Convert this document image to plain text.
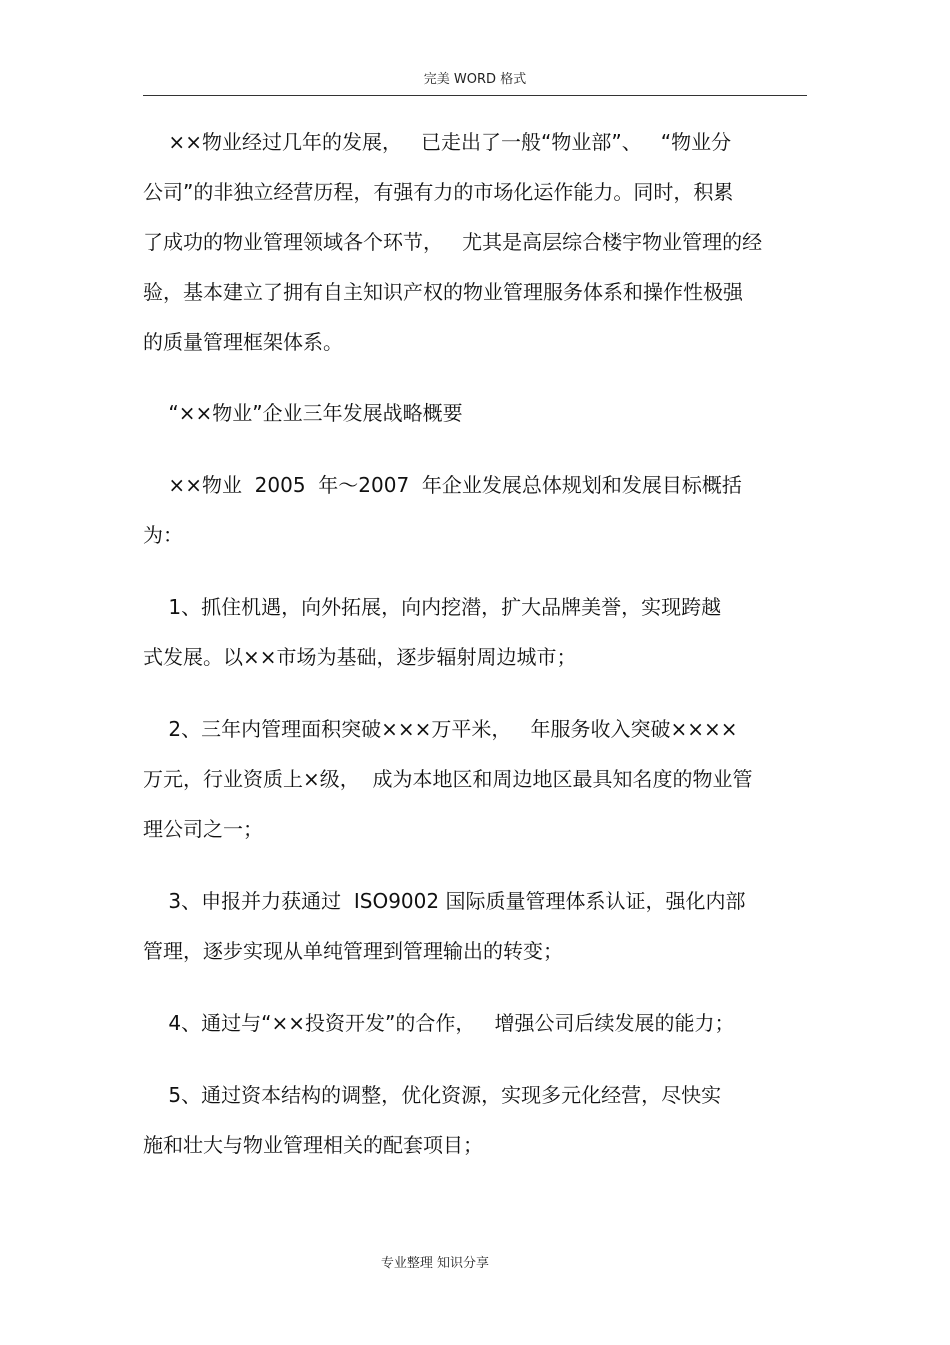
完美 WORD 格式
××物业经过几年的发展，   已走出了一般“物业部”、   “物业分
公司”的非独立经营历程，有强有力的市场化运作能力。同时，积累
了成功的物业管理领域各个环节，   尤其是高层综合楼宇物业管理的经
验，基本建立了拥有自主知识产权的物业管理服务体系和操作性极强
的质量管理框架体系。
“××物业”企业三年发展战略概要
××物业  2005  年～2007  年企业发展总体规划和发展目标概括
为：
1、抓住机遇，向外拓展，向内挖潜，扩大品牌美誉，实现跨越
式发展。以××市场为基础，逐步辐射周边城市；
2、三年内管理面积突破×××万平米，   年服务收入突破××××
万元，行业资质上×级，  成为本地区和周边地区最具知名度的物业管
理公司之一；
3、申报并力获通过  ISO9002 国际质量管理体系认证，强化内部
管理，逐步实现从单纯管理到管理输出的转变；
4、通过与“××投资开发”的合作，   增强公司后续发展的能力；
5、通过资本结构的调整，优化资源，实现多元化经营，尽快实
施和壮大与物业管理相关的配套项目；
专业整理 知识分享
